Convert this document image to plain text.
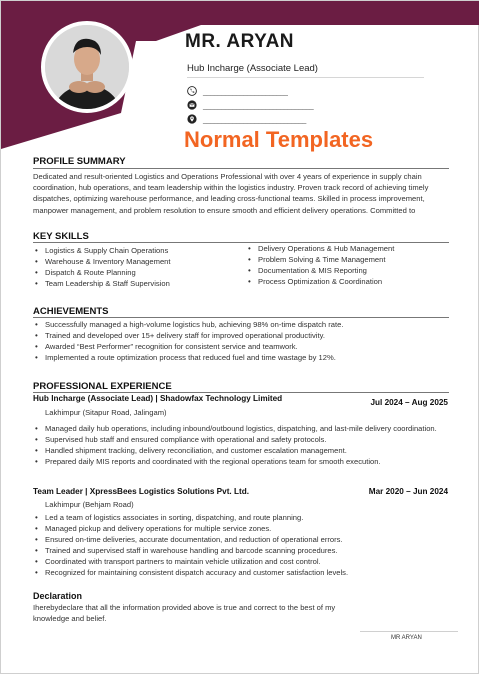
MR. ARYAN
Hub Incharge (Associate Lead)
_______________________
______________________________
____________________________
Normal Templates
PROFILE SUMMARY
Dedicated and result-oriented Logistics and Operations Professional with over 4 years of experience in supply chain
coordination, hub operations, and team leadership within the logistics industry. Proven track record of achieving timely
dispatches, optimizing warehouse performance, and leading cross-functional teams. Skilled in process improvement,
manpower management, and problem resolution to ensure smooth and efficient delivery operations. Committed to
KEY SKILLS
• Logistics & Supply Chain Operations
• Warehouse & Inventory Management
• Dispatch & Route Planning
• Team Leadership & Staff Supervision
• Delivery Operations & Hub Management
• Problem Solving & Time Management
• Documentation & MIS Reporting
• Process Optimization & Coordination
ACHIEVEMENTS
• Successfully managed a high-volume logistics hub, achieving 98% on-time dispatch rate.
• Trained and developed over 15+ delivery staff for improved operational productivity.
• Awarded “Best Performer” recognition for consistent service and teamwork.
• Implemented a route optimization process that reduced fuel and time wastage by 12%.
PROFESSIONAL EXPERIENCE
Hub Incharge (Associate Lead) | Shadowfax Technology Limited	Jul 2024 – Aug 2025
Lakhimpur (Sitapur Road, Jalingam)
• Managed daily hub operations, including inbound/outbound logistics, dispatching, and last-mile delivery coordination.
• Supervised hub staff and ensured compliance with operational and safety protocols.
• Handled shipment tracking, delivery reconciliation, and customer escalation management.
• Prepared daily MIS reports and coordinated with the regional operations team for smooth execution.
Team Leader | XpressBees Logistics Solutions Pvt. Ltd.	Mar 2020 – Jun 2024
Lakhimpur (Behjam Road)
• Led a team of logistics associates in sorting, dispatching, and route planning.
• Managed pickup and delivery operations for multiple service zones.
• Ensured on-time deliveries, accurate documentation, and reduction of operational errors.
• Trained and supervised staff in warehouse handling and barcode scanning procedures.
• Coordinated with transport partners to maintain vehicle utilization and cost control.
• Recognized for maintaining consistent dispatch accuracy and customer satisfaction levels.
Declaration
Iherebydeclare that all the information provided above is true and correct to the best of my
knowledge and belief.
MR ARYAN
